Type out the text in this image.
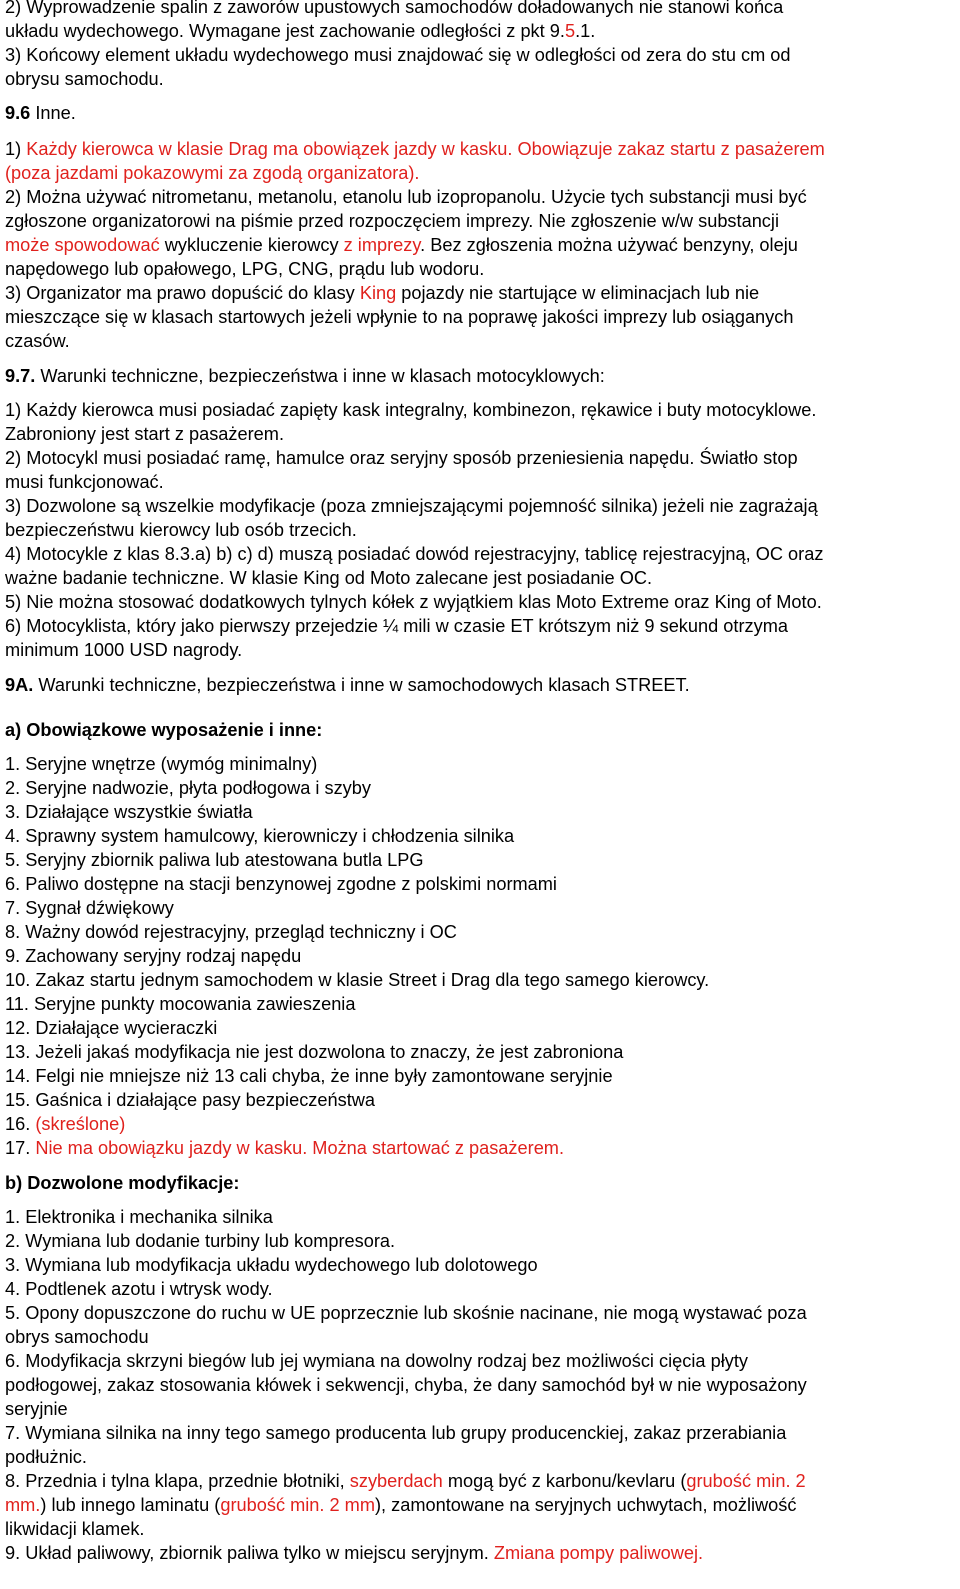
2) Wyprowadzenie spalin z zaworów upustowych samochodów doładowanych nie stanowi końca
układu wydechowego. Wymagane jest zachowanie odległości z pkt 9.5.1.
3) Końcowy element układu wydechowego musi znajdować się w odległości od zera do stu cm od
obrysu samochodu.
9.6 Inne.
1) Każdy kierowca w klasie Drag ma obowiązek jazdy w kasku. Obowiązuje zakaz startu z pasażerem
(poza jazdami pokazowymi za zgodą organizatora).
2) Można używać nitrometanu, metanolu, etanolu lub izopropanolu. Użycie tych substancji musi być
zgłoszone organizatorowi na piśmie przed rozpoczęciem imprezy. Nie zgłoszenie w/w substancji
może spowodować wykluczenie kierowcy z imprezy. Bez zgłoszenia można używać benzyny, oleju
napędowego lub opałowego, LPG, CNG, prądu lub wodoru.
3) Organizator ma prawo dopuścić do klasy King pojazdy nie startujące w eliminacjach lub nie
mieszczące się w klasach startowych jeżeli wpłynie to na poprawę jakości imprezy lub osiąganych
czasów.
9.7. Warunki techniczne, bezpieczeństwa i inne w klasach motocyklowych:
1) Każdy kierowca musi posiadać zapięty kask integralny, kombinezon, rękawice i buty motocyklowe.
Zabroniony jest start z pasażerem.
2) Motocykl musi posiadać ramę, hamulce oraz seryjny sposób przeniesienia napędu. Światło stop
musi funkcjonować.
3) Dozwolone są wszelkie modyfikacje (poza zmniejszającymi pojemność silnika) jeżeli nie zagrażają
bezpieczeństwu kierowcy lub osób trzecich.
4) Motocykle z klas 8.3.a) b) c) d) muszą posiadać dowód rejestracyjny, tablicę rejestracyjną, OC oraz
ważne badanie techniczne. W klasie King od Moto zalecane jest posiadanie OC.
5) Nie można stosować dodatkowych tylnych kółek z wyjątkiem klas Moto Extreme oraz King of Moto.
6) Motocyklista, który jako pierwszy przejedzie ¼ mili w czasie ET krótszym niż 9 sekund otrzyma
minimum 1000 USD nagrody.
9A. Warunki techniczne, bezpieczeństwa i inne w samochodowych klasach STREET.
a) Obowiązkowe wyposażenie i inne:
1. Seryjne wnętrze (wymóg minimalny)
2. Seryjne nadwozie, płyta podłogowa i szyby
3. Działające wszystkie światła
4. Sprawny system hamulcowy, kierowniczy i chłodzenia silnika
5. Seryjny zbiornik paliwa lub atestowana butla LPG
6. Paliwo dostępne na stacji benzynowej zgodne z polskimi normami
7. Sygnał dźwiękowy
8. Ważny dowód rejestracyjny, przegląd techniczny i OC
9. Zachowany seryjny rodzaj napędu
10. Zakaz startu jednym samochodem w klasie Street i Drag dla tego samego kierowcy.
11. Seryjne punkty mocowania zawieszenia
12. Działające wycieraczki
13. Jeżeli jakaś modyfikacja nie jest dozwolona to znaczy, że jest zabroniona
14. Felgi nie mniejsze niż 13 cali chyba, że inne były zamontowane seryjnie
15. Gaśnica i działające pasy bezpieczeństwa
16. (skreślone)
17. Nie ma obowiązku jazdy w kasku. Można startować z pasażerem.
b) Dozwolone modyfikacje:
1. Elektronika i mechanika silnika
2. Wymiana lub dodanie turbiny lub kompresora.
3. Wymiana lub modyfikacja układu wydechowego lub dolotowego
4. Podtlenek azotu i wtrysk wody.
5. Opony dopuszczone do ruchu w UE poprzecznie lub skośnie nacinane, nie mogą wystawać poza
obrys samochodu
6. Modyfikacja skrzyni biegów lub jej wymiana na dowolny rodzaj bez możliwości cięcia płyty
podłogowej, zakaz stosowania kłówek i sekwencji, chyba, że dany samochód był w nie wyposażony
seryjnie
7. Wymiana silnika na inny tego samego producenta lub grupy producenckiej, zakaz przerabiania
podłużnic.
8. Przednia i tylna klapa, przednie błotniki, szyberdach mogą być z karbonu/kevlaru (grubość min. 2
mm.) lub innego laminatu (grubość min. 2 mm), zamontowane na seryjnych uchwytach, możliwość
likwidacji klamek.
9. Układ paliwowy, zbiornik paliwa tylko w miejscu seryjnym. Zmiana pompy paliwowej.
